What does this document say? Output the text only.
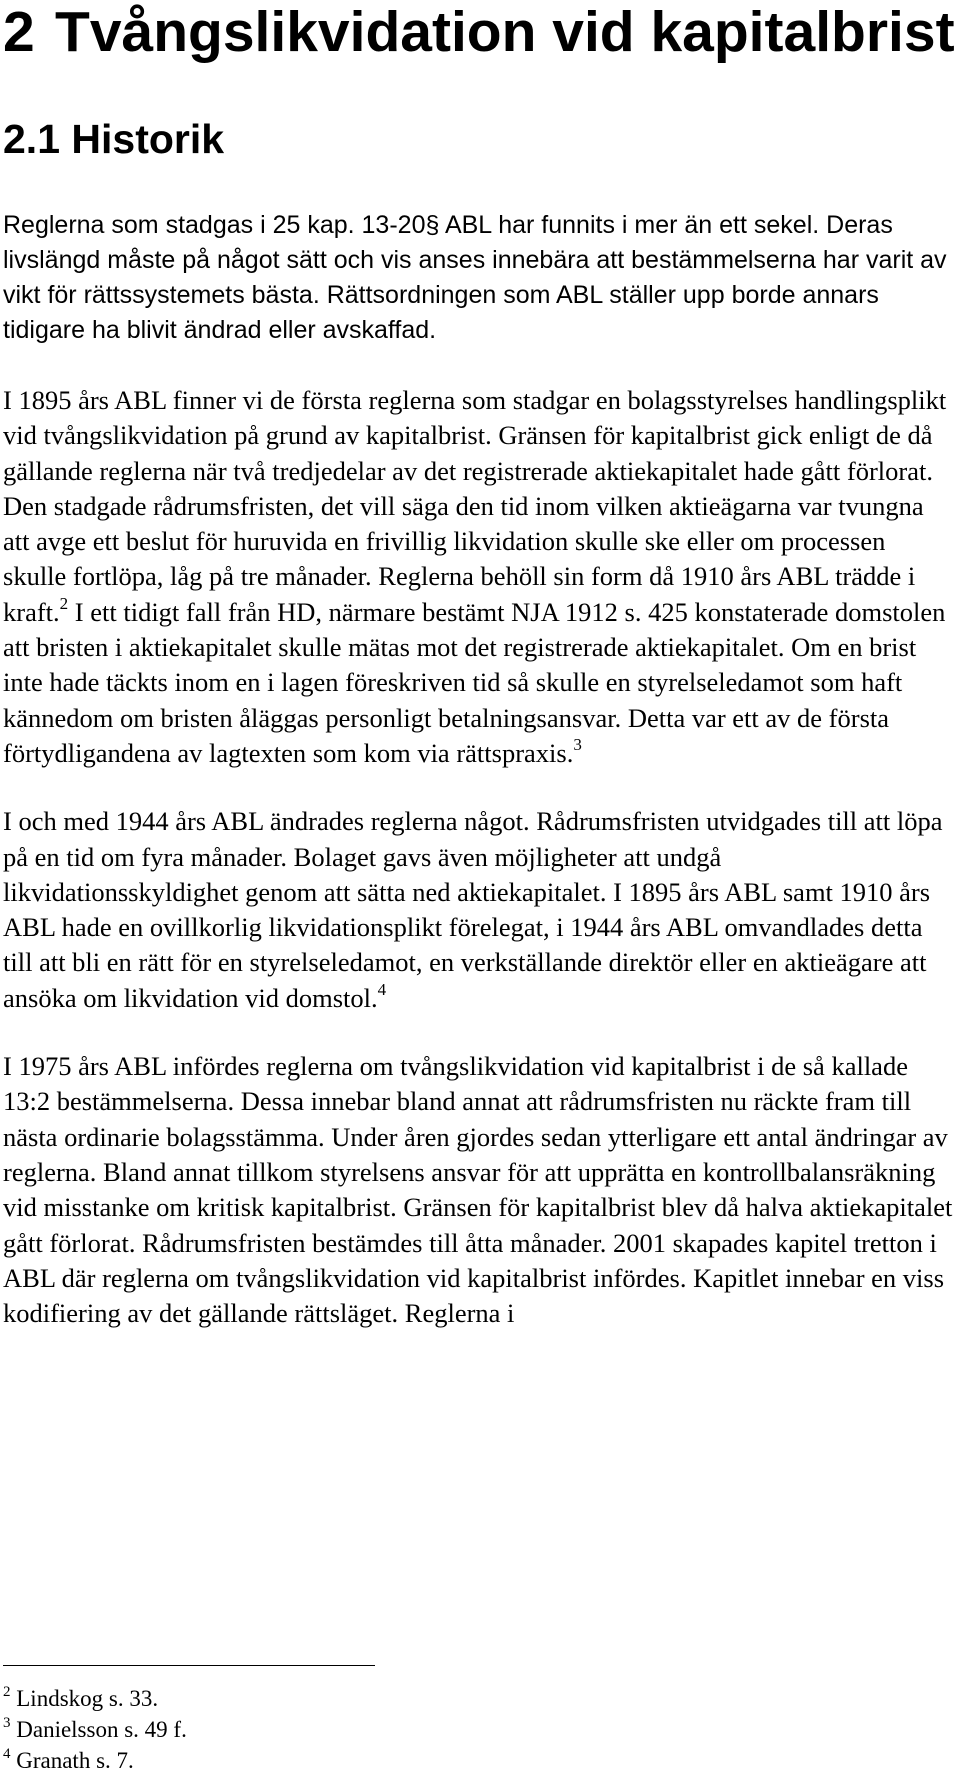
2 Tvångslikvidation vid kapitalbrist
2.1 Historik

Reglerna som stadgas i 25 kap. 13-20§ ABL har funnits i mer än ett sekel. Deras livslängd måste på något sätt och vis anses innebära att bestämmelserna har varit av vikt för rättssystemets bästa. Rättsordningen som ABL ställer upp borde annars tidigare ha blivit ändrad eller avskaffad.

I 1895 års ABL finner vi de första reglerna som stadgar en bolagsstyrelses handlingsplikt vid tvångslikvidation på grund av kapitalbrist. Gränsen för kapitalbrist gick enligt de då gällande reglerna när två tredjedelar av det registrerade aktiekapitalet hade gått förlorat. Den stadgade rådrumsfristen, det vill säga den tid inom vilken aktieägarna var tvungna att avge ett beslut för huruvida en frivillig likvidation skulle ske eller om processen skulle fortlöpa, låg på tre månader. Reglerna behöll sin form då 1910 års ABL trädde i kraft.$^2$ I ett tidigt fall från HD, närmare bestämt NJA 1912 s. 425 konstaterade domstolen att bristen i aktiekapitalet skulle mätas mot det registrerade aktiekapitalet. Om en brist inte hade täckts inom en i lagen föreskriven tid så skulle en styrelseledamot som haft kännedom om bristen åläggas personligt betalningsansvar. Detta var ett av de första förtydligandena av lagtexten som kom via rättspraxis.$^3$

I och med 1944 års ABL ändrades reglerna något. Rådrumsfristen utvidgades till att löpa på en tid om fyra månader. Bolaget gavs även möjligheter att undgå likvidationsskyldighet genom att sätta ned aktiekapitalet. I 1895 års ABL samt 1910 års ABL hade en ovillkorlig likvidationsplikt förelegat, i 1944 års ABL omvandlades detta till att bli en rätt för en styrelseledamot, en verkställande direktör eller en aktieägare att ansöka om likvidation vid domstol.$^4$

I 1975 års ABL infördes reglerna om tvångslikvidation vid kapitalbrist i de så kallade 13:2 bestämmelserna. Dessa innebar bland annat att rådrumsfristen nu räckte fram till nästa ordinarie bolagsstämma. Under åren gjordes sedan ytterligare ett antal ändringar av reglerna. Bland annat tillkom styrelsens ansvar för att upprätta en kontrollbalansräkning vid misstanke om kritisk kapitalbrist. Gränsen för kapitalbrist blev då halva aktiekapitalet gått förlorat. Rådrumsfristen bestämdes till åtta månader. 2001 skapades kapitel tretton i ABL där reglerna om tvångslikvidation vid kapitalbrist infördes. Kapitlet innebar en viss kodifiering av det gällande rättsläget. Reglerna i

$^2$ Lindskog s. 33.
$^3$ Danielsson s. 49 f.
$^4$ Granath s. 7.
